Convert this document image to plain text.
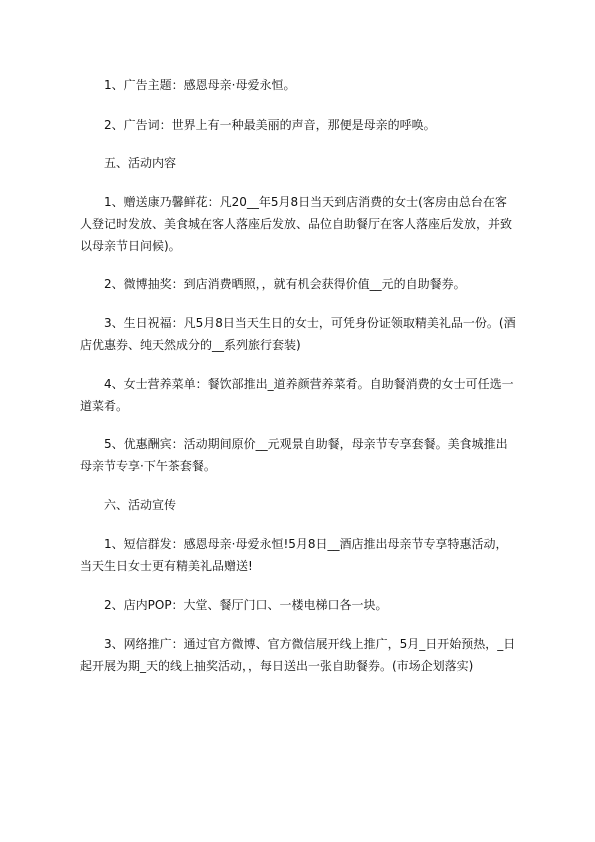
1、广告主题：感恩母亲·母爱永恒。

2、广告词：世界上有一种最美丽的声音，那便是母亲的呼唤。

五、活动内容

1、赠送康乃馨鲜花：凡20__年5月8日当天到店消费的女士(客房由总台在客人登记时发放、美食城在客人落座后发放、品位自助餐厅在客人落座后发放，并致以母亲节日问候)。

2、微博抽奖：到店消费晒照，，就有机会获得价值__元的自助餐券。

3、生日祝福：凡5月8日当天生日的女士，可凭身份证领取精美礼品一份。(酒店优惠券、纯天然成分的__系列旅行套装)

4、女士营养菜单：餐饮部推出_道养颜营养菜肴。自助餐消费的女士可任选一道菜肴。

5、优惠酬宾：活动期间原价__元观景自助餐，母亲节专享套餐。美食城推出母亲节专享·下午茶套餐。

六、活动宣传

1、短信群发：感恩母亲·母爱永恒!5月8日__酒店推出母亲节专享特惠活动，当天生日女士更有精美礼品赠送!

2、店内POP：大堂、餐厅门口、一楼电梯口各一块。

3、网络推广：通过官方微博、官方微信展开线上推广，5月_日开始预热，_日起开展为期_天的线上抽奖活动，，每日送出一张自助餐券。(市场企划落实)
